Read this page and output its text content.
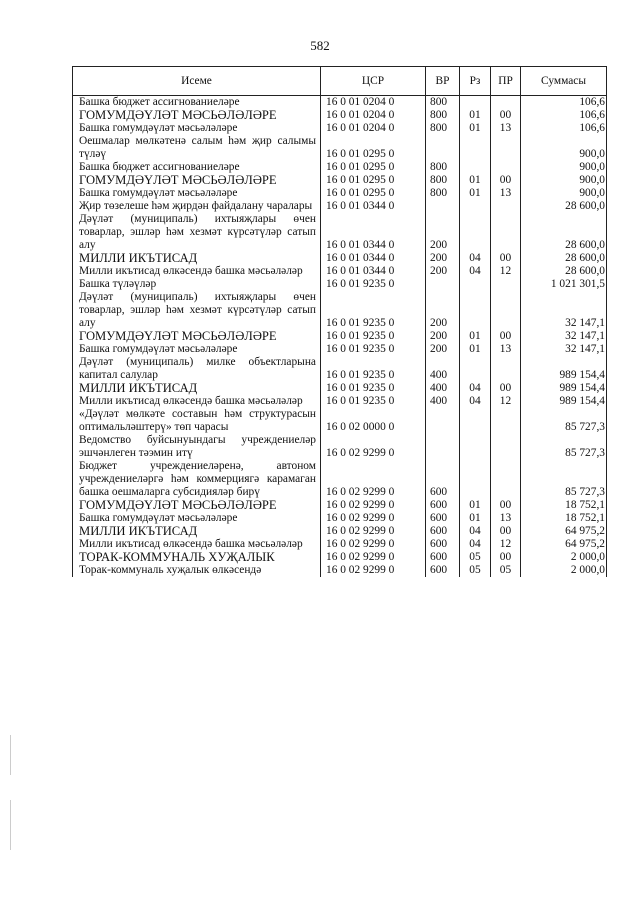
582
Исеме	ЦСР	ВР	Рз	ПР	Суммасы
Башка бюджет ассигнованиеләре	16 0 01 0204 0	800			106,6
ГОМУМДӘҮЛӘТ МӘСЬӘЛӘЛӘРЕ	16 0 01 0204 0	800	01	00	106,6
Башка гомумдәүләт мәсьәләләре	16 0 01 0204 0	800	01	13	106,6
Оешмалар мөлкәтенә салым һәм җир салымы түләү	16 0 01 0295 0				900,0
Башка бюджет ассигнованиеләре	16 0 01 0295 0	800			900,0
ГОМУМДӘҮЛӘТ МӘСЬӘЛӘЛӘРЕ	16 0 01 0295 0	800	01	00	900,0
Башка гомумдәүләт мәсьәләләре	16 0 01 0295 0	800	01	13	900,0
Җир төзелеше һәм җирдән файдалану чаралары	16 0 01 0344 0				28 600,0
Дәүләт (муниципаль) ихтыяҗлары өчен товарлар, эшләр һәм хезмәт күрсәтүләр сатып алу	16 0 01 0344 0	200			28 600,0
МИЛЛИ ИКЪТИСАД	16 0 01 0344 0	200	04	00	28 600,0
Милли икътисад өлкәсендә башка мәсьәләләр	16 0 01 0344 0	200	04	12	28 600,0
Башка түләүләр	16 0 01 9235 0				1 021 301,5
Дәүләт (муниципаль) ихтыяҗлары өчен товарлар, эшләр һәм хезмәт күрсәтүләр сатып алу	16 0 01 9235 0	200			32 147,1
ГОМУМДӘҮЛӘТ МӘСЬӘЛӘЛӘРЕ	16 0 01 9235 0	200	01	00	32 147,1
Башка гомумдәүләт мәсьәләләре	16 0 01 9235 0	200	01	13	32 147,1
Дәүләт (муниципаль) милке объектларына капитал салулар	16 0 01 9235 0	400			989 154,4
МИЛЛИ ИКЪТИСАД	16 0 01 9235 0	400	04	00	989 154,4
Милли икътисад өлкәсендә башка мәсьәләләр	16 0 01 9235 0	400	04	12	989 154,4
«Дәүләт мөлкәте составын һәм структурасын оптимальләштерү» төп чарасы	16 0 02 0000 0				85 727,3
Ведомство буйсынуындагы учреждениеләр эшчәнлеген тәэмин итү	16 0 02 9299 0				85 727,3
Бюджет учреждениеләренә, автоном учреждениеләргә һәм коммерциягә карамаган башка оешмаларга субсидияләр бирү	16 0 02 9299 0	600			85 727,3
ГОМУМДӘҮЛӘТ МӘСЬӘЛӘЛӘРЕ	16 0 02 9299 0	600	01	00	18 752,1
Башка гомумдәүләт мәсьәләләре	16 0 02 9299 0	600	01	13	18 752,1
МИЛЛИ ИКЪТИСАД	16 0 02 9299 0	600	04	00	64 975,2
Милли икътисад өлкәсендә башка мәсьәләләр	16 0 02 9299 0	600	04	12	64 975,2
ТОРАК-КОММУНАЛЬ ХУҖАЛЫК	16 0 02 9299 0	600	05	00	2 000,0
Торак-коммуналь хуҗалык өлкәсендә	16 0 02 9299 0	600	05	05	2 000,0
